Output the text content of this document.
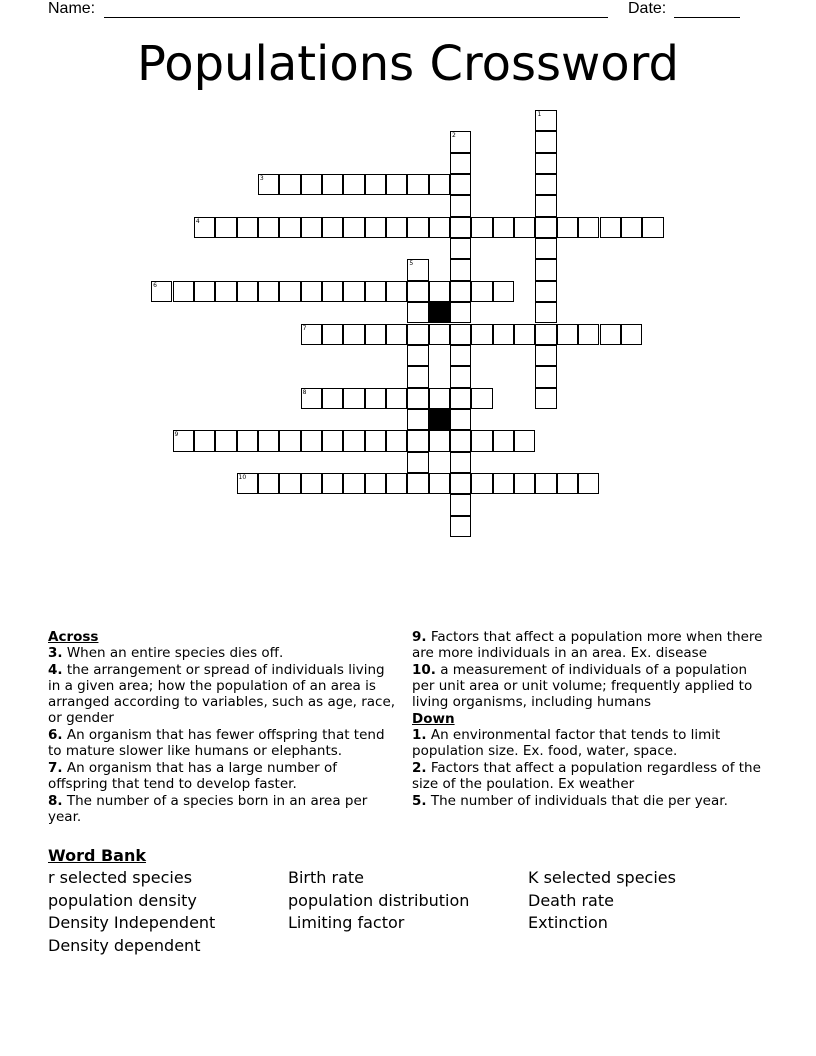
Name:	Date:
Populations Crossword
1
2
3
4
5
6
7
8
9
10
Across
3. When an entire species dies off.
4. the arrangement or spread of individuals living in a given area; how the population of an area is arranged according to variables, such as age, race, or gender
6. An organism that has fewer offspring that tend to mature slower like humans or elephants.
7. An organism that has a large number of offspring that tend to develop faster.
8. The number of a species born in an area per year.
9. Factors that affect a population more when there are more individuals in an area. Ex. disease
10. a measurement of individuals of a population per unit area or unit volume; frequently applied to living organisms, including humans
Down
1. An environmental factor that tends to limit population size. Ex. food, water, space.
2. Factors that affect a population regardless of the size of the poulation. Ex weather
5. The number of individuals that die per year.
Word Bank
r selected species	Birth rate	K selected species
population density	population distribution	Death rate
Density Independent	Limiting factor	Extinction
Density dependent
